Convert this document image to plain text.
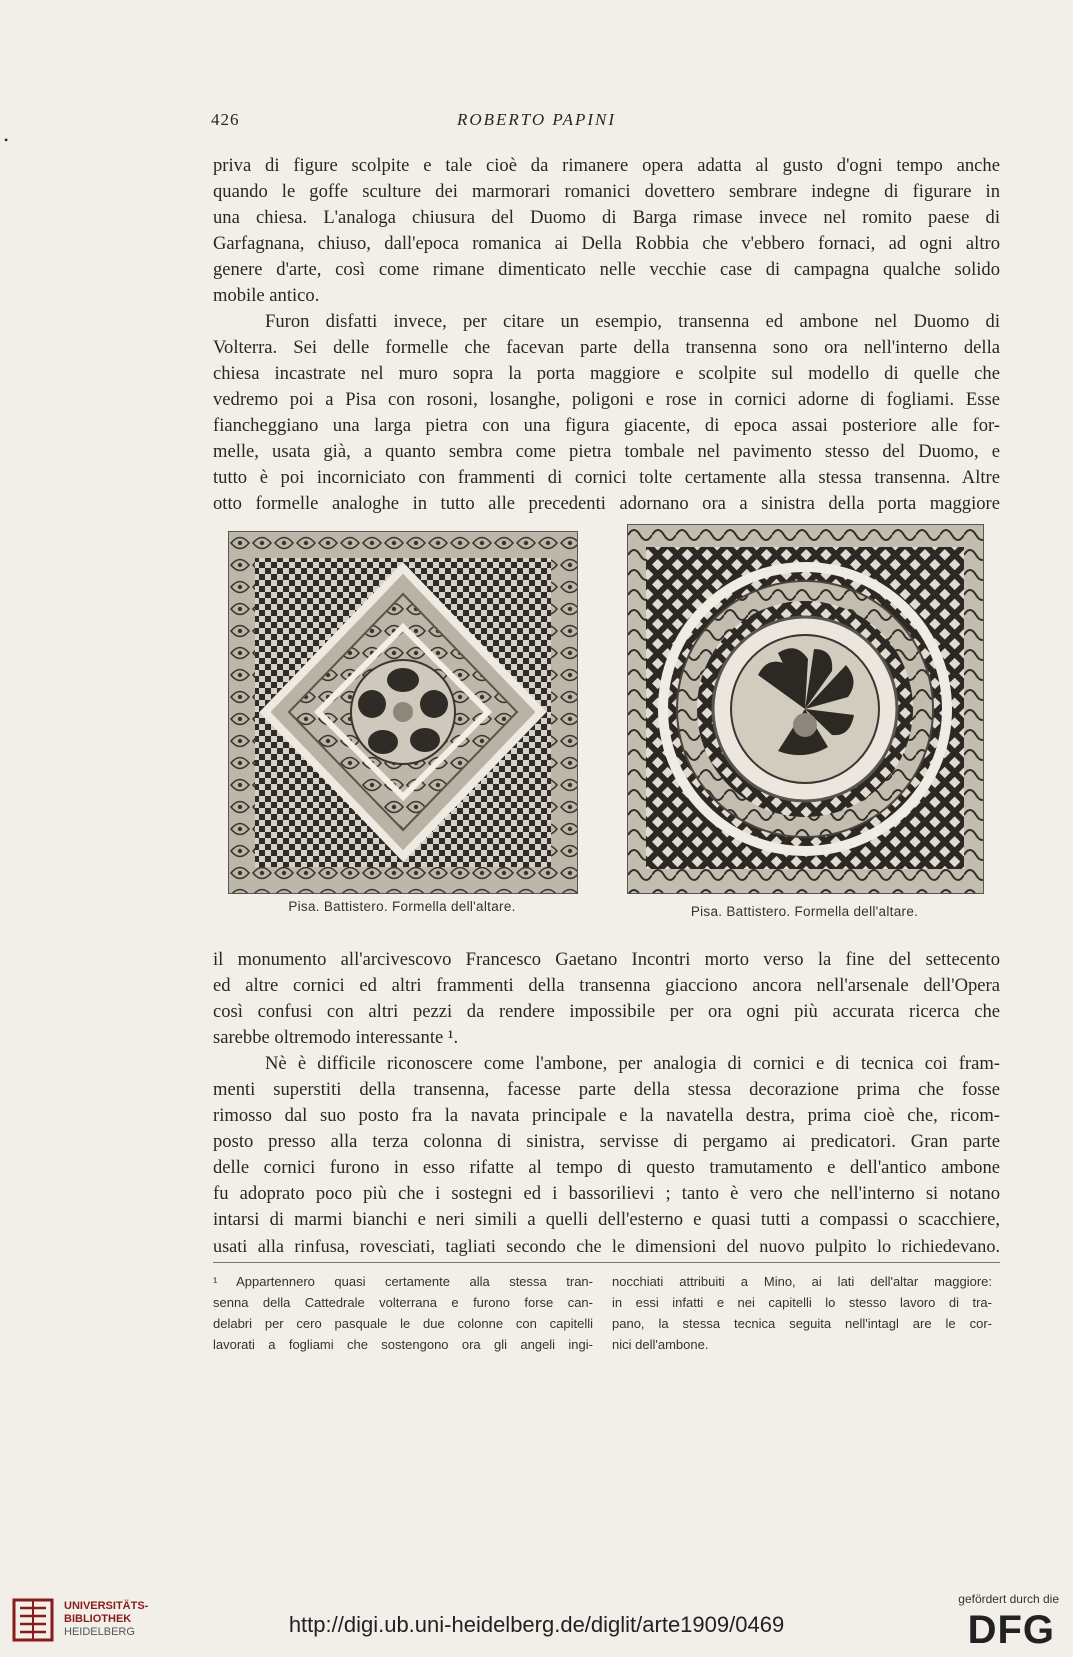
426	ROBERTO PAPINI
•

priva di figure scolpite e tale cioè da rimanere opera adatta al gusto d'ogni tempo anche

quando le goffe sculture dei marmorari romanici dovettero sembrare indegne di figurare in

una chiesa. L'analoga chiusura del Duomo di Barga rimase invece nel romito paese di

Garfagnana, chiuso, dall'epoca romanica ai Della Robbia che v'ebbero fornaci, ad ogni altro

genere d'arte, così come rimane dimenticato nelle vecchie case di campagna qualche solido

mobile antico.

Furon disfatti invece, per citare un esempio, transenna ed ambone nel Duomo di

Volterra. Sei delle formelle che facevan parte della transenna sono ora nell'interno della

chiesa incastrate nel muro sopra la porta maggiore e scolpite sul modello di quelle che

vedremo poi a Pisa con rosoni, losanghe, poligoni e rose in cornici adorne di fogliami. Esse

fiancheggiano una larga pietra con una figura giacente, di epoca assai posteriore alle for-

melle, usata già, a quanto sembra come pietra tombale nel pavimento stesso del Duomo, e

tutto è poi incorniciato con frammenti di cornici tolte certamente alla stessa transenna. Altre

otto formelle analoghe in tutto alle precedenti adornano ora a sinistra della porta maggiore

Pisa. Battistero. Formella dell'altare.	Pisa. Battistero. Formella dell'altare.

il monumento all'arcivescovo Francesco Gaetano Incontri morto verso la fine del settecento

ed altre cornici ed altri frammenti della transenna giacciono ancora nell'arsenale dell'Opera

così confusi con altri pezzi da rendere impossibile per ora ogni più accurata ricerca che

sarebbe oltremodo interessante ¹.

Nè è difficile riconoscere come l'ambone, per analogia di cornici e di tecnica coi fram-

menti superstiti della transenna, facesse parte della stessa decorazione prima che fosse

rimosso dal suo posto fra la navata principale e la navatella destra, prima cioè che, ricom-

posto presso alla terza colonna di sinistra, servisse di pergamo ai predicatori. Gran parte

delle cornici furono in esso rifatte al tempo di questo tramutamento e dell'antico ambone

fu adoprato poco più che i sostegni ed i bassorilievi ; tanto è vero che nell'interno si notano

intarsi di marmi bianchi e neri simili a quelli dell'esterno e quasi tutti a compassi o scacchiere,

usati alla rinfusa, rovesciati, tagliati secondo che le dimensioni del nuovo pulpito lo richiedevano.

¹ Appartennero quasi certamente alla stessa tran-

senna della Cattedrale volterrana e furono forse can-

delabri per cero pasquale le due colonne con capitelli

lavorati a fogliami che sostengono ora gli angeli ingi-

nocchiati attribuiti a Mino, ai lati dell'altar maggiore:

in essi infatti e nei capitelli lo stesso lavoro di tra-

pano, la stessa tecnica seguita nell'intagl are le cor-

nici dell'ambone.

UNIVERSITÄTS-
BIBLIOTHEK
HEIDELBERG	http://digi.ub.uni-heidelberg.de/diglit/arte1909/0469
gefördert durch die
DFG
